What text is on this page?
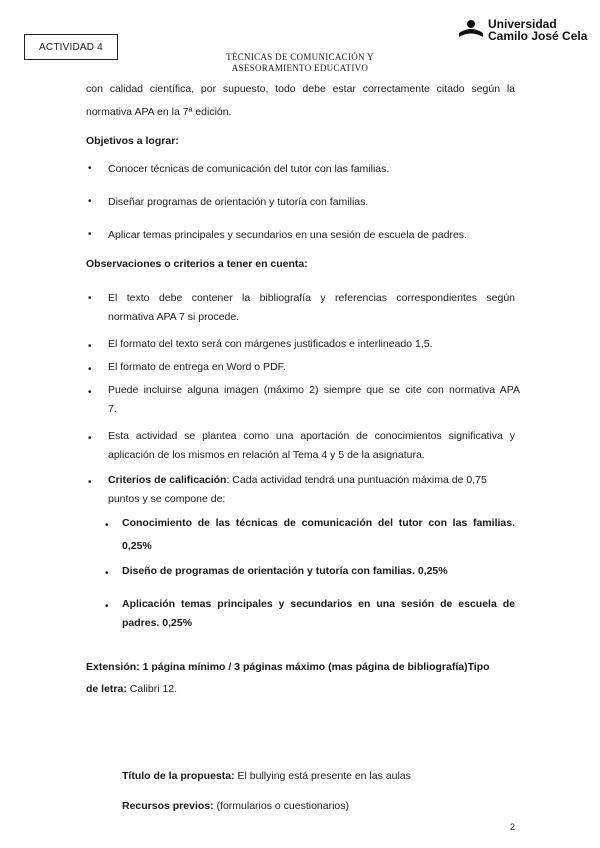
ACTIVIDAD 4
TÉCNICAS DE COMUNICACIÓN Y
ASESORAMIENTO EDUCATIVO
Universidad
Camilo José Cela
con calidad científica, por supuesto, todo debe estar correctamente citado según la
normativa APA en la 7ª edición.
Objetivos a lograr:
• Conocer técnicas de comunicación del tutor con las familias.
• Diseñar programas de orientación y tutoría con familias.
• Aplicar temas principales y secundarios en una sesión de escuela de padres.
Observaciones o criterios a tener en cuenta:
• El texto debe contener la bibliografía y referencias correspondientes según
normativa APA 7 si procede.
• El formato del texto será con márgenes justificados e interlineado 1,5.
• El formato de entrega en Word o PDF.
• Puede incluirse alguna imagen (máximo 2) siempre que se cite con normativa APA
7.
• Esta actividad se plantea como una aportación de conocimientos significativa y
aplicación de los mismos en relación al Tema 4 y 5 de la asignatura.
• Criterios de calificación: Cada actividad tendrá una puntuación máxima de 0,75
puntos y se compone de:
• Conocimiento de las técnicas de comunicación del tutor con las familias.
0,25%
• Diseño de programas de orientación y tutoría con familias. 0,25%
• Aplicación temas principales y secundarios en una sesión de escuela de
padres. 0,25%
Extensión: 1 página mínimo / 3 páginas máximo (mas página de bibliografía)Tipo
de letra: Calibri 12.
Título de la propuesta: El bullying está presente en las aulas
Recursos previos: (formularios o cuestionarios)
2
